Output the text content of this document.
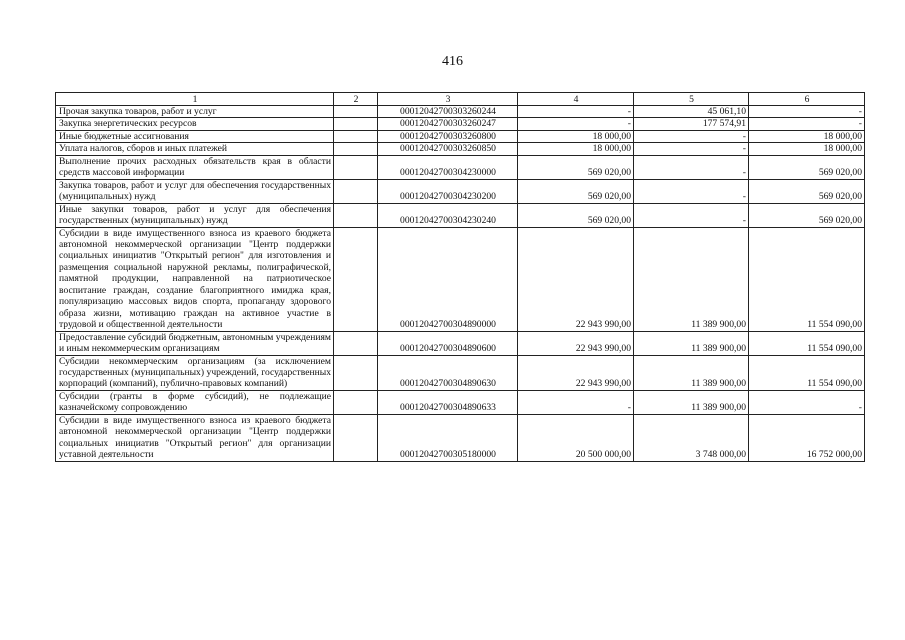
416
1	2	3	4	5	6
Прочая закупка товаров, работ и услуг		00012042700303260244	-	45 061,10	-
Закупка энергетических ресурсов		00012042700303260247	-	177 574,91	-
Иные бюджетные ассигнования		00012042700303260800	18 000,00	-	18 000,00
Уплата налогов, сборов и иных платежей		00012042700303260850	18 000,00	-	18 000,00
Выполнение прочих расходных обязательств края в области средств массовой информации		00012042700304230000	569 020,00	-	569 020,00
Закупка товаров, работ и услуг для обеспечения государственных (муниципальных) нужд		00012042700304230200	569 020,00	-	569 020,00
Иные закупки товаров, работ и услуг для обеспечения государственных (муниципальных) нужд		00012042700304230240	569 020,00	-	569 020,00
Субсидии в виде имущественного взноса из краевого бюджета автономной некоммерческой организации "Центр поддержки социальных инициатив "Открытый регион" для изготовления и размещения социальной наружной рекламы, полиграфической, памятной продукции, направленной на патриотическое воспитание граждан, создание благоприятного имиджа края, популяризацию массовых видов спорта, пропаганду здорового образа жизни, мотивацию граждан на активное участие в трудовой и общественной деятельности		00012042700304890000	22 943 990,00	11 389 900,00	11 554 090,00
Предоставление субсидий бюджетным, автономным учреждениям и иным некоммерческим организациям		00012042700304890600	22 943 990,00	11 389 900,00	11 554 090,00
Субсидии некоммерческим организациям (за исключением государственных (муниципальных) учреждений, государственных корпораций (компаний), публично-правовых компаний)		00012042700304890630	22 943 990,00	11 389 900,00	11 554 090,00
Субсидии (гранты в форме субсидий), не подлежащие казначейскому сопровождению		00012042700304890633	-	11 389 900,00	-
Субсидии в виде имущественного взноса из краевого бюджета автономной некоммерческой организации "Центр поддержки социальных инициатив "Открытый регион" для организации уставной деятельности		00012042700305180000	20 500 000,00	3 748 000,00	16 752 000,00
